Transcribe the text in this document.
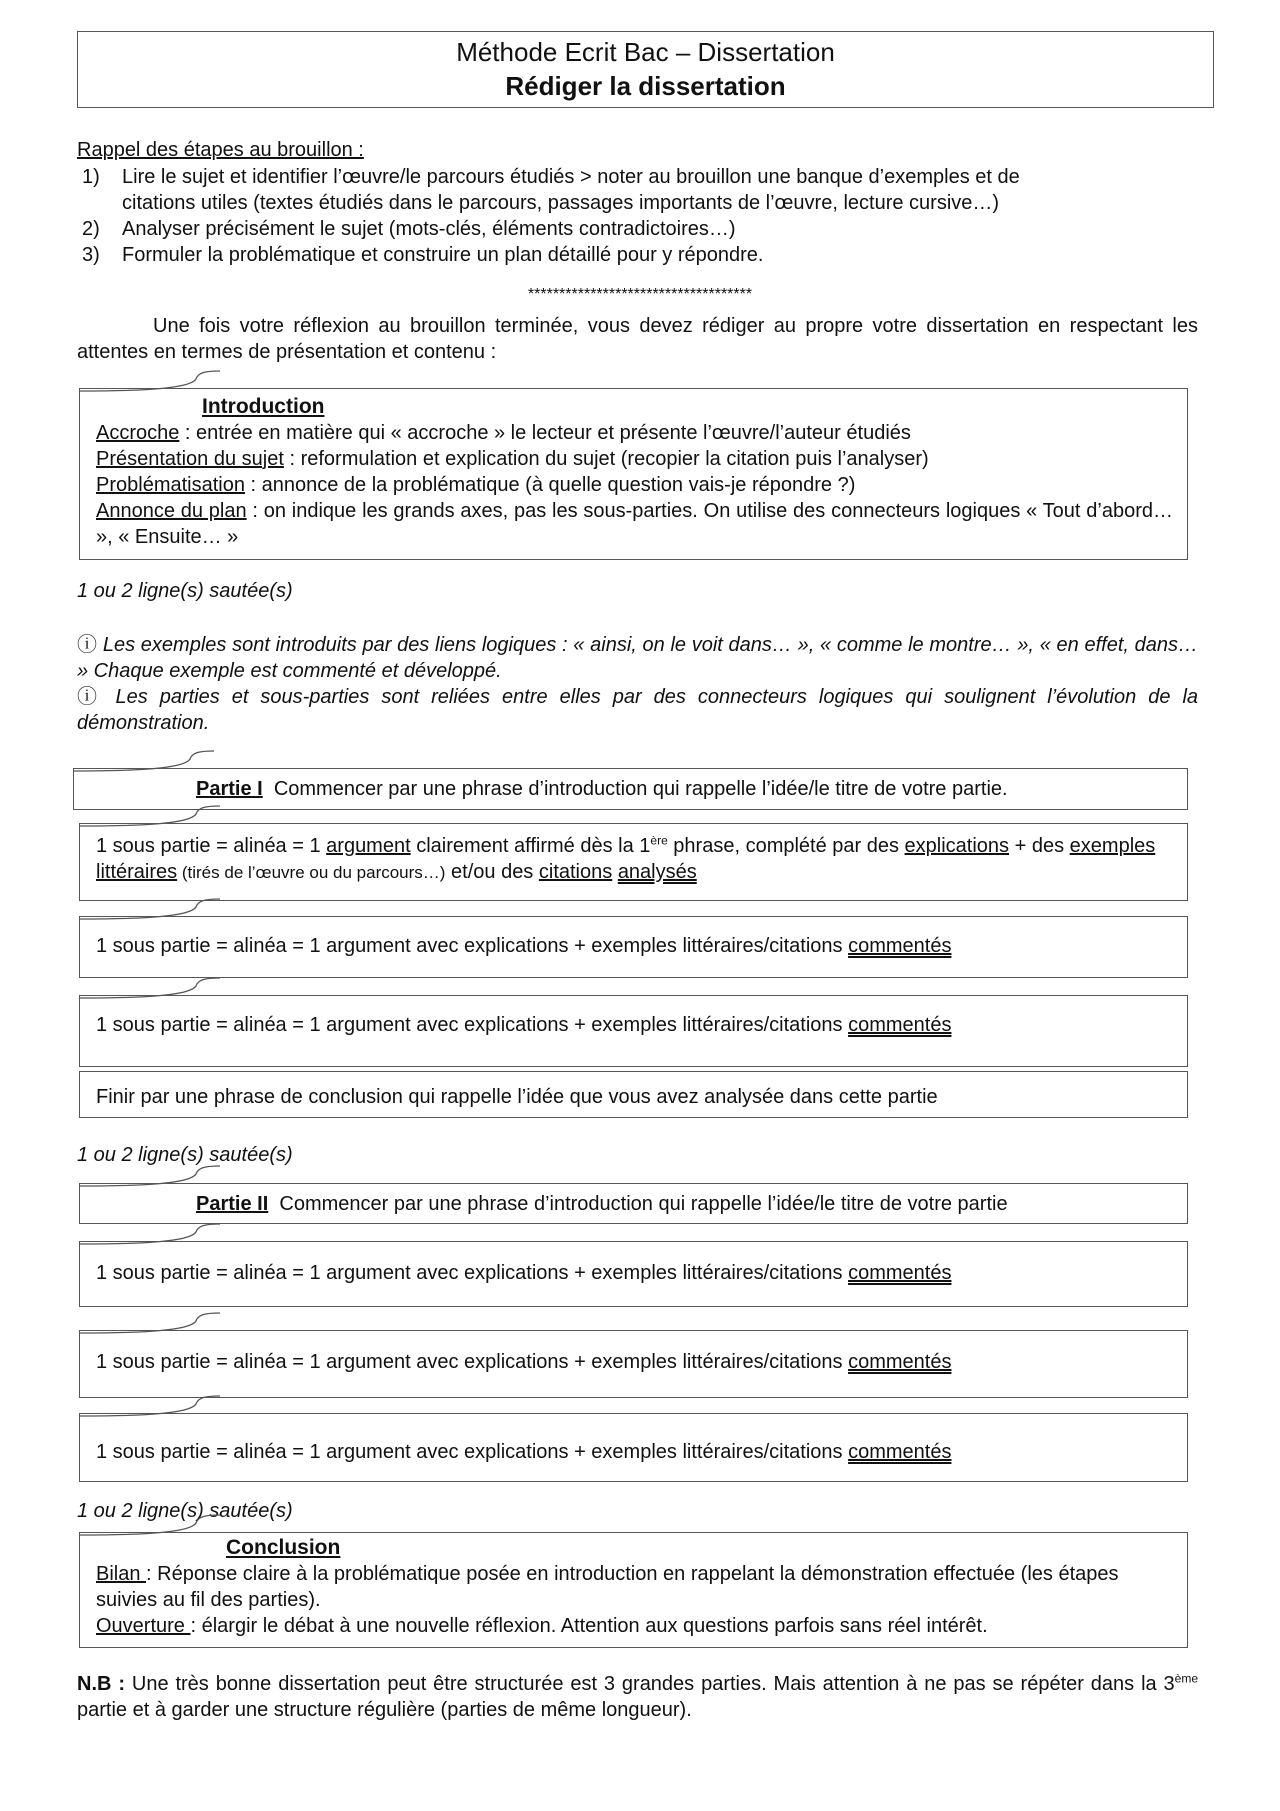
Méthode Ecrit Bac – Dissertation
Rédiger la dissertation
Rappel des étapes au brouillon :
1)	Lire le sujet et identifier l’œuvre/le parcours étudiés > noter au brouillon une banque d’exemples et de
citations utiles (textes étudiés dans le parcours, passages importants de l’œuvre, lecture cursive…)
2)	Analyser précisément le sujet (mots-clés, éléments contradictoires…)
3)	Formuler la problématique et construire un plan détaillé pour y répondre.
************************************
Une fois votre réflexion au brouillon terminée, vous devez rédiger au propre votre dissertation en respectant les attentes en termes de présentation et contenu :
Introduction
Accroche : entrée en matière qui « accroche » le lecteur et présente l’œuvre/l’auteur étudiés
Présentation du sujet : reformulation et explication du sujet (recopier la citation puis l’analyser)
Problématisation : annonce de la problématique (à quelle question vais-je répondre ?)
Annonce du plan : on indique les grands axes, pas les sous-parties. On utilise des connecteurs logiques « Tout d’abord… », « Ensuite… »
1 ou 2 ligne(s) sautée(s)
ⓘ Les exemples sont introduits par des liens logiques : « ainsi, on le voit dans… », « comme le montre… », « en effet, dans… » Chaque exemple est commenté et développé.
ⓘ Les parties et sous-parties sont reliées entre elles par des connecteurs logiques qui soulignent l’évolution de la démonstration.
Partie I Commencer par une phrase d’introduction qui rappelle l’idée/le titre de votre partie.
1 sous partie = alinéa = 1 argument clairement affirmé dès la 1ère phrase, complété par des explications + des exemples littéraires (tirés de l’œuvre ou du parcours…) et/ou des citations analysés
1 sous partie = alinéa = 1 argument avec explications + exemples littéraires/citations commentés
1 sous partie = alinéa = 1 argument avec explications + exemples littéraires/citations commentés
Finir par une phrase de conclusion qui rappelle l’idée que vous avez analysée dans cette partie
1 ou 2 ligne(s) sautée(s)
Partie II Commencer par une phrase d’introduction qui rappelle l’idée/le titre de votre partie
1 sous partie = alinéa = 1 argument avec explications + exemples littéraires/citations commentés
1 sous partie = alinéa = 1 argument avec explications + exemples littéraires/citations commentés
1 sous partie = alinéa = 1 argument avec explications + exemples littéraires/citations commentés
1 ou 2 ligne(s) sautée(s)
Conclusion
Bilan : Réponse claire à la problématique posée en introduction en rappelant la démonstration effectuée (les étapes suivies au fil des parties).
Ouverture : élargir le débat à une nouvelle réflexion. Attention aux questions parfois sans réel intérêt.
N.B : Une très bonne dissertation peut être structurée est 3 grandes parties. Mais attention à ne pas se répéter dans la 3ème partie et à garder une structure régulière (parties de même longueur).
